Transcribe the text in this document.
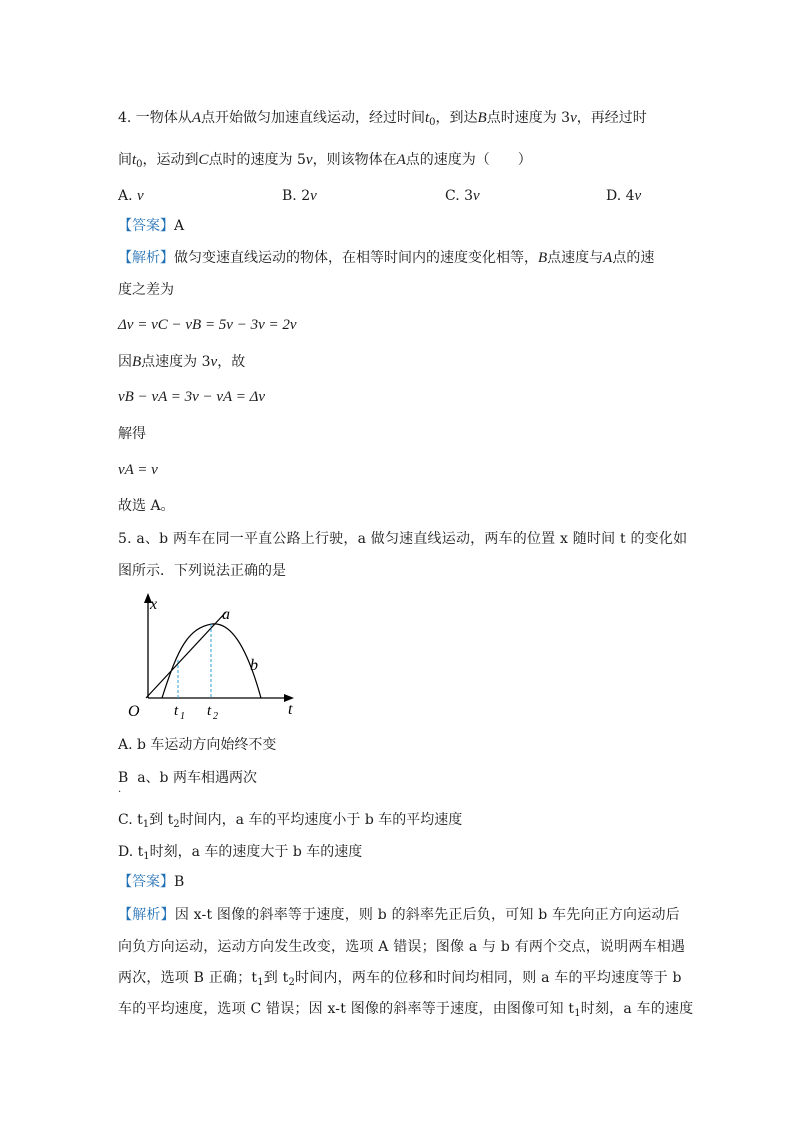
4. 一物体从A点开始做匀加速直线运动，经过时间$t_0$，到达B点时速度为 3v，再经过时
间$t_0$，运动到C点时的速度为 5v，则该物体在A点的速度为（　　）
A. v	B. 2v	C. 3v	D. 4v
【答案】A
【解析】做匀变速直线运动的物体，在相等时间内的速度变化相等，B点速度与A点的速
度之差为
Δv = vC − vB = 5v − 3v = 2v
因B点速度为 3v，故
vB − vA = 3v − vA = Δv
解得
vA = v
故选 A。
5. a、b 两车在同一平直公路上行驶，a 做匀速直线运动，两车的位置 x 随时间 t 的变化如
图所示．下列说法正确的是
x
t
O t 1 t 2
a
b
A. b 车运动方向始终不变
B a、b 两车相遇两次
.
C. $t_1$到 $t_2$时间内，a 车的平均速度小于 b 车的平均速度
D. $t_1$时刻，a 车的速度大于 b 车的速度
【答案】B
【解析】因 x-t 图像的斜率等于速度，则 b 的斜率先正后负，可知 b 车先向正方向运动后
向负方向运动，运动方向发生改变，选项 A 错误；图像 a 与 b 有两个交点，说明两车相遇
两次，选项 B 正确；$t_1$到 $t_2$时间内，两车的位移和时间均相同，则 a 车的平均速度等于 b
车的平均速度，选项 C 错误；因 x-t 图像的斜率等于速度，由图像可知 $t_1$时刻，a 车的速度
